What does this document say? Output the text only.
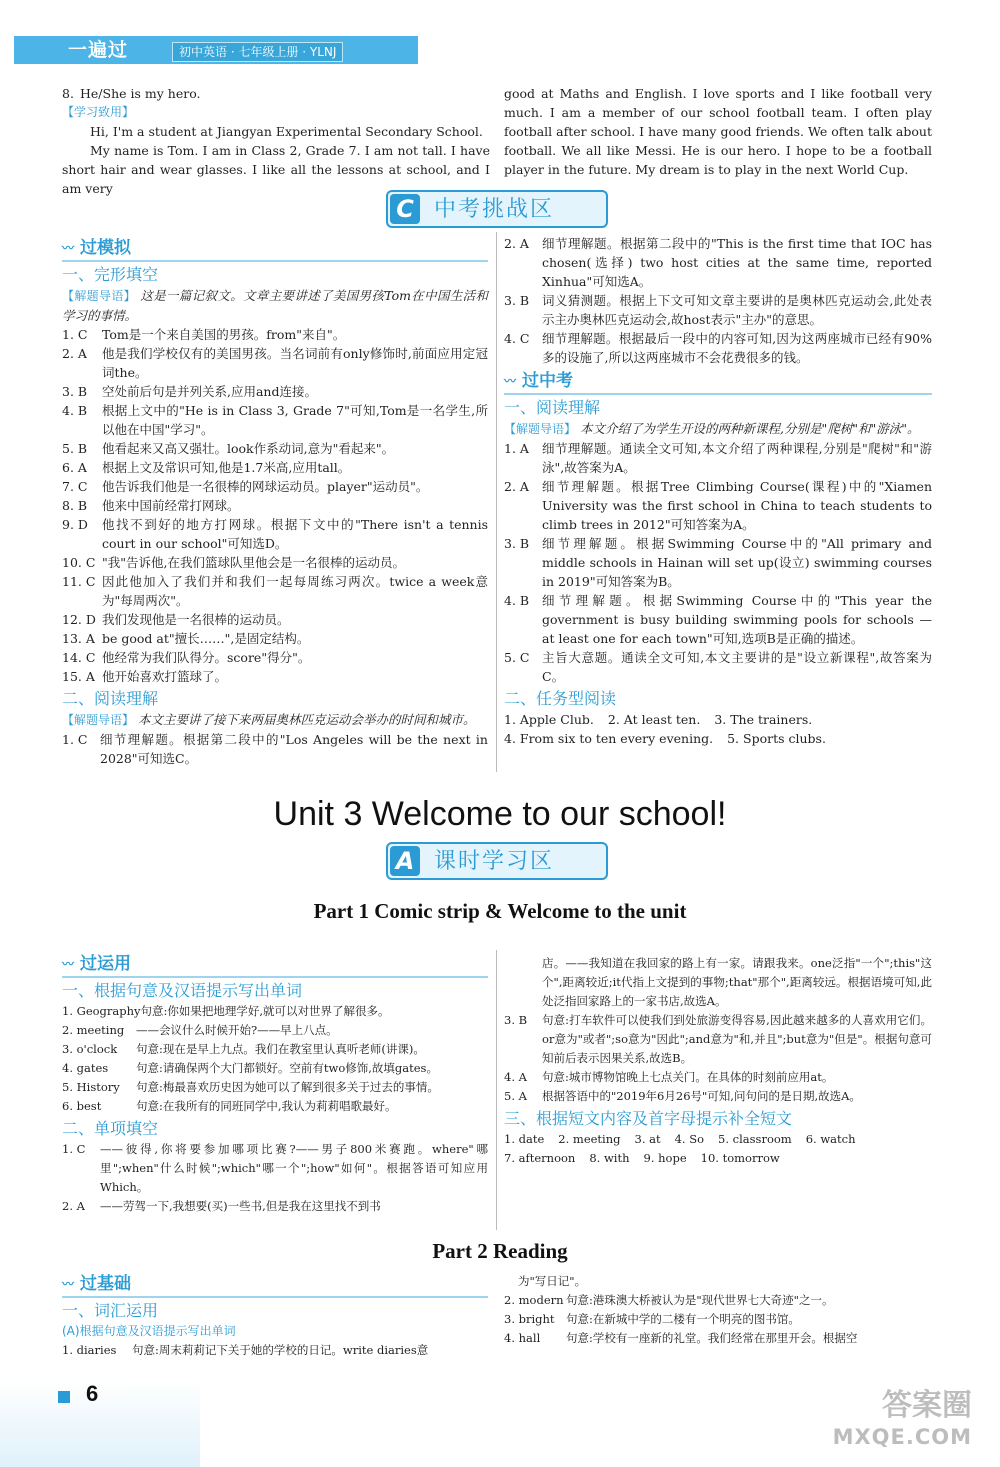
一遍过	初中英语 · 七年级上册 · YLNJ
8. He/She is my hero.
【学习致用】

Hi, I'm a student at Jiangyan Experimental Secondary School.

My name is Tom. I am in Class 2, Grade 7. I am not tall. I have short hair and wear glasses. I like all the lessons at school, and I am very

good at Maths and English. I love sports and I like football very much. I am a member of our school football team. I often play football after school. I have many good friends. We often talk about football. We all like Messi. He is our hero. I hope to be a football player in the future. My dream is to play in the next World Cup.

C 中考挑战区
〰 过模拟
一、完形填空

【解题导语】 这是一篇记叙文。文章主要讲述了美国男孩Tom在中国生活和学习的事情。

1. C	Tom是一个来自美国的男孩。from"来自"。
2. A	他是我们学校仅有的美国男孩。当名词前有only修饰时,前面应用定冠词the。
3. B	空处前后句是并列关系,应用and连接。
4. B	根据上文中的"He is in Class 3, Grade 7"可知,Tom是一名学生,所以他在中国"学习"。
5. B	他看起来又高又强壮。look作系动词,意为"看起来"。
6. A	根据上文及常识可知,他是1.7米高,应用tall。
7. C	他告诉我们他是一名很棒的网球运动员。player"运动员"。
8. B	他来中国前经常打网球。
9. D	他找不到好的地方打网球。根据下文中的"There isn't a tennis court in our school"可知选D。
10. C "我"告诉他,在我们篮球队里他会是一名很棒的运动员。
11. C 因此他加入了我们并和我们一起每周练习两次。twice a week意为"每周两次"。
12. D 我们发现他是一名很棒的运动员。
13. A be good at"擅长……",是固定结构。
14. C 他经常为我们队得分。score"得分"。
15. A 他开始喜欢打篮球了。
二、阅读理解

【解题导语】 本文主要讲了接下来两届奥林匹克运动会举办的时间和城市。

1. C	细节理解题。根据第二段中的"Los Angeles will be the next in 2028"可知选C。
2. A	细节理解题。根据第二段中的"This is the first time that IOC has chosen(选择) two host cities at the same time, reported Xinhua"可知选A。
3. B	词义猜测题。根据上下文可知文章主要讲的是奥林匹克运动会,此处表示主办奥林匹克运动会,故host表示"主办"的意思。
4. C	细节理解题。根据最后一段中的内容可知,因为这两座城市已经有90%多的设施了,所以这两座城市不会花费很多的钱。
〰 过中考
一、阅读理解

【解题导语】 本文介绍了为学生开设的两种新课程,分别是"爬树"和"游泳"。

1. A	细节理解题。通读全文可知,本文介绍了两种课程,分别是"爬树"和"游泳",故答案为A。
2. A	细节理解题。根据Tree Climbing Course(课程)中的"Xiamen University was the first school in China to teach students to climb trees in 2012"可知答案为A。
3. B	细节理解题。根据Swimming Course中的"All primary and middle schools in Hainan will set up(设立) swimming courses in 2019"可知答案为B。
4. B	细节理解题。根据Swimming Course中的"This year the government is busy building swimming pools for schools — at least one for each town"可知,选项B是正确的描述。
5. C	主旨大意题。通读全文可知,本文主要讲的是"设立新课程",故答案为C。
二、任务型阅读
1. Apple Club. 2. At least ten. 3. The trainers.
4. From six to ten every evening. 5. Sports clubs.
Unit 3 Welcome to our school!
A 课时学习区
Part 1 Comic strip & Welcome to the unit
〰 过运用
一、根据句意及汉语提示写出单词
1. Geography 句意:你如果把地理学好,就可以对世界了解很多。
2. meeting	——会议什么时候开始?——早上八点。
3. o'clock	句意:现在是早上九点。我们在教室里认真听老师(讲课)。
4. gates	句意:请确保两个大门都锁好。空前有two修饰,故填gates。
5. History	句意:梅最喜欢历史因为她可以了解到很多关于过去的事情。
6. best	句意:在我所有的同班同学中,我认为莉莉唱歌最好。
二、单项填空
1. C	——彼得,你将要参加哪项比赛?——男子800米赛跑。where"哪里";when"什么时候";which"哪一个";how"如何"。根据答语可知应用Which。
2. A	——劳驾一下,我想要(买)一些书,但是我在这里找不到书

店。——我知道在我回家的路上有一家。请跟我来。one泛指"一个";this"这个",距离较近;it代指上文提到的事物;that"那个",距离较远。根据语境可知,此处泛指回家路上的一家书店,故选A。

3. B	句意:打车软件可以使我们到处旅游变得容易,因此越来越多的人喜欢用它们。or意为"或者";so意为"因此";and意为"和,并且";but意为"但是"。根据句意可知前后表示因果关系,故选B。
4. A	句意:城市博物馆晚上七点关门。在具体的时刻前应用at。
5. A	根据答语中的"2019年6月26号"可知,问句问的是日期,故选A。
三、根据短文内容及首字母提示补全短文
1. date 2. meeting 3. at 4. So 5. classroom 6. watch
7. afternoon 8. with 9. hope 10. tomorrow
Part 2 Reading
〰 过基础
一、词汇运用
(A)根据句意及汉语提示写出单词
1. diaries	句意:周末莉莉记下关于她的学校的日记。write diaries意

为"写日记"。

2. modern 句意:港珠澳大桥被认为是"现代世界七大奇迹"之一。
3. bright 句意:在新城中学的二楼有一个明亮的图书馆。
4. hall	句意:学校有一座新的礼堂。我们经常在那里开会。根据空
6	答案圈
MXQE.COM
